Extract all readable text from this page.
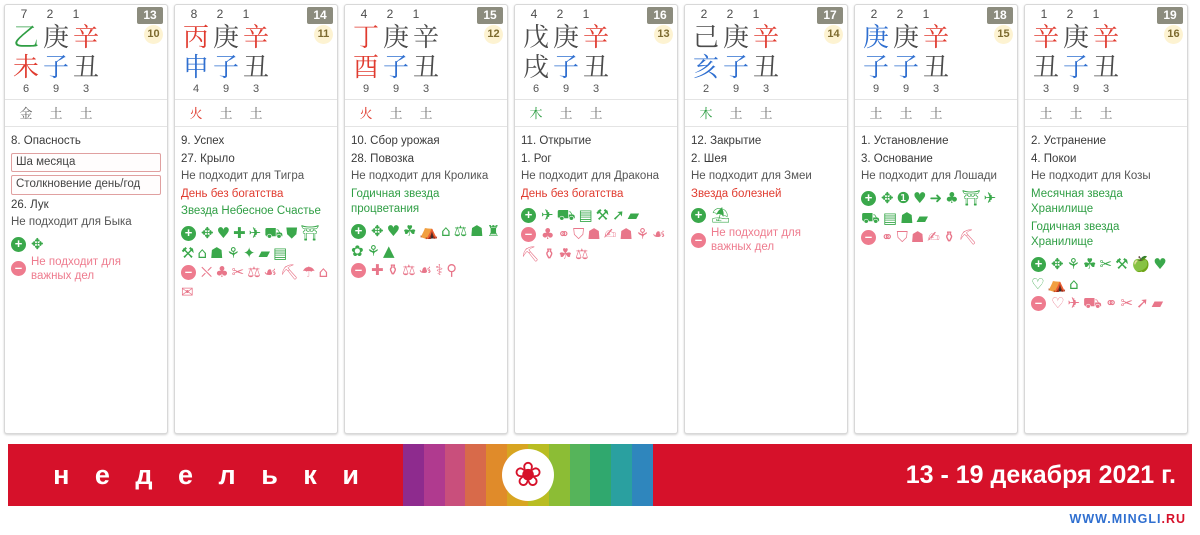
7	2	1	13
乙 庚 辛	10
未 子 丑
6	9	3
金	土	土
8. Опасность
Ша месяца
Столкновение день/год
26. Лук
Не подходит для Быка
+ ✥
– Не подходит для важных дел
8	2	1	14
丙 庚 辛	11
申 子 丑
4	9	3
火	土	土
9. Успех
27. Крыло
Не подходит для Тигра
День без богатства
Звезда Небесное Счастье
+ ✥ ♥ ✚ ✈ ⛟ ⛊ ⛩
⚒ ⌂ ☗ ⚘ ✦ ▰ ▤
– ⛌ ♣ ✂ ⚖ ☙ ⛏ ☂ ⌂
✉
4	2	1	15
丁 庚 辛	12
酉 子 丑
9	9	3
火	土	土
10. Сбор урожая
28. Повозка
Не подходит для Кролика
Годичная звезда процветания
+ ✥ ♥ ☘ ⛺ ⌂ ⚖ ☗ ♜
✿ ⚘ ▲
– ✚ ⚱ ⚖ ☙ ⚕ ⚲
4	2	1	16
戊 庚 辛	13
戌 子 丑
6	9	3
木	土	土
11. Открытие
1. Рог
Не подходит для Дракона
День без богатства
+ ✈ ⛟ ▤ ⚒ ➚ ▰
– ♣ ⚭ ⛉ ☗ ✍ ☗ ⚘ ☙
⛏ ⚱ ☘ ⚖
2	2	1	17
己 庚 辛	14
亥 子 丑
2	9	3
木	土	土
12. Закрытие
2. Шея
Не подходит для Змеи
Звезда болезней
+ ⛱
– Не подходит для важных дел
2	2	1	18
庚 庚 辛	15
子 子 丑
9	9	3
土	土	土
1. Установление
3. Основание
Не подходит для Лошади
+ ✥ ❶ ♥ ➜ ♣ ⛩ ✈
⛟ ▤ ☗ ▰
– ⚭ ⛉ ☗ ✍ ⚱ ⛏
1	2	1	19
辛 庚 辛	16
丑 子 丑
3	9	3
土	土	土
2. Устранение
4. Покои
Не подходит для Козы
Месячная звезда Хранилище
Годичная звезда Хранилище
+ ✥ ⚘ ☘ ✂ ⚒ 🍏 ♥
♡ ⛺ ⌂
– ♡ ✈ ⛟ ⚭ ✂ ➚ ▰
н е д е л ь к и	❀	13 - 19 декабря 2021 г.
WWW.MINGLI.RU
